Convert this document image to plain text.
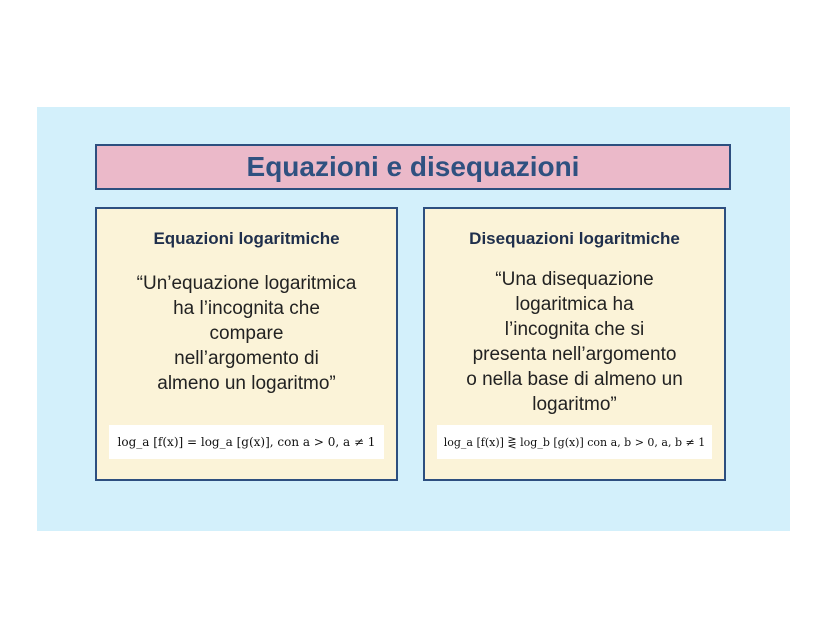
Equazioni e disequazioni
Equazioni logaritmiche
“Un’equazione logaritmica
ha l’incognita che
compare
nell’argomento di
almeno un logaritmo”
log_a [f(x)] = log_a [g(x)], con a > 0, a ≠ 1
Disequazioni logaritmiche
“Una disequazione
logaritmica ha
l’incognita che si
presenta nell’argomento
o nella base di almeno un
logaritmo”
log_a [f(x)] ⋛ log_b [g(x)] con a, b > 0, a, b ≠ 1
